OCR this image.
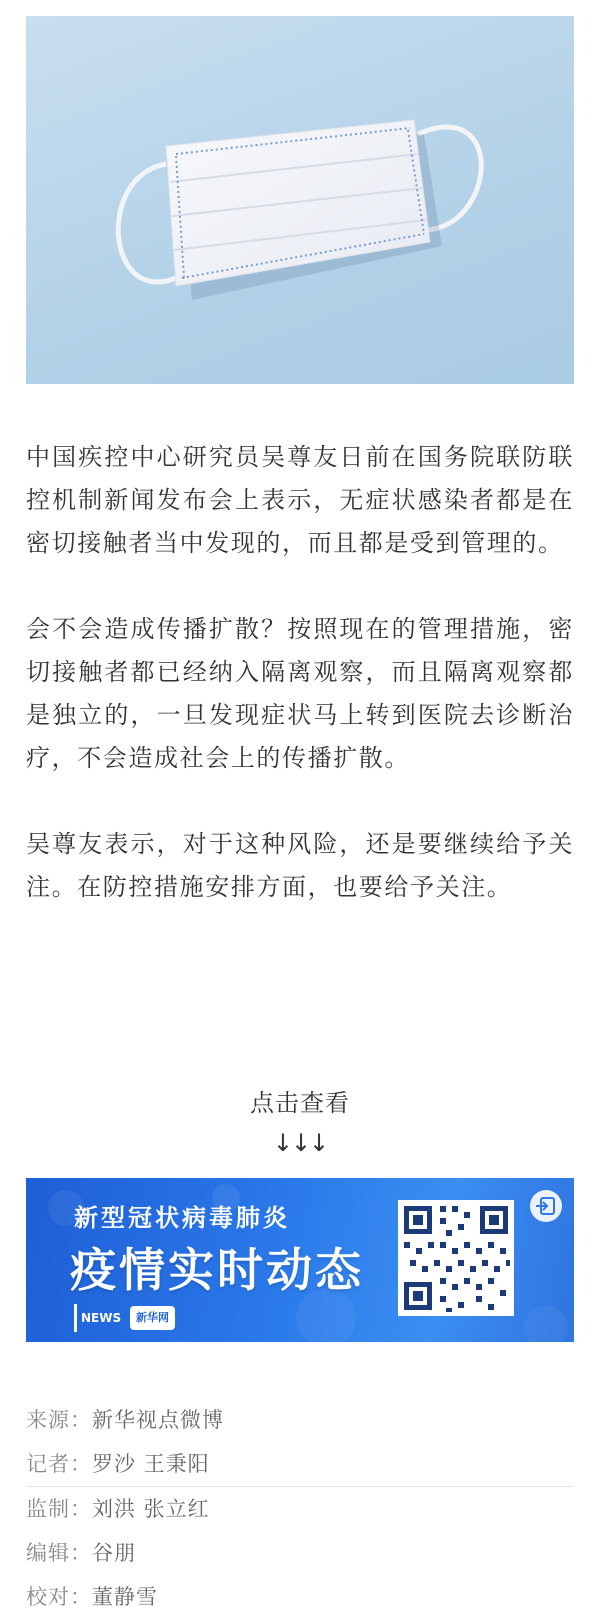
中国疾控中心研究员吴尊友日前在国务院联防联控机制新闻发布会上表示，无症状感染者都是在密切接触者当中发现的，而且都是受到管理的。

会不会造成传播扩散？按照现在的管理措施，密切接触者都已经纳入隔离观察，而且隔离观察都是独立的，一旦发现症状马上转到医院去诊断治疗，不会造成社会上的传播扩散。

吴尊友表示，对于这种风险，还是要继续给予关注。在防控措施安排方面，也要给予关注。

点击查看
↓↓↓
新型冠状病毒肺炎
疫情实时动态
NEWS	新华网
来源：新华视点微博
记者：罗沙 王秉阳
监制：刘洪 张立红
编辑：谷朋
校对：董静雪
